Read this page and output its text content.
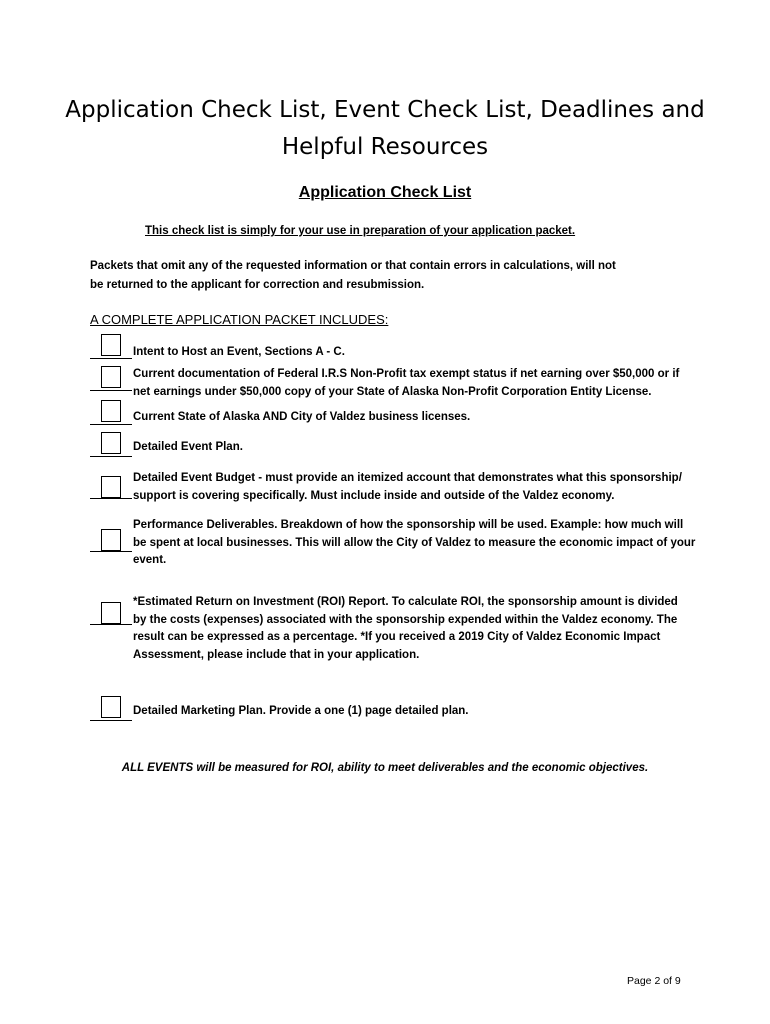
Application Check List, Event Check List, Deadlines and
Helpful Resources
Application Check List
This check list is simply for your use in preparation of your application packet.
Packets that omit any of the requested information or that contain errors in calculations, will not
be returned to the applicant for correction and resubmission.
A COMPLETE APPLICATION PACKET INCLUDES:
Intent to Host an Event, Sections A - C.
Current documentation of Federal I.R.S Non-Profit tax exempt status if net earning over $50,000 or if
net earnings under $50,000 copy of your State of Alaska Non-Profit Corporation Entity License.
Current State of Alaska AND City of Valdez business licenses.
Detailed Event Plan.
Detailed Event Budget - must provide an itemized account that demonstrates what this sponsorship/
support is covering specifically. Must include inside and outside of the Valdez economy.
Performance Deliverables. Breakdown of how the sponsorship will be used. Example: how much will
be spent at local businesses. This will allow the City of Valdez to measure the economic impact of your
event.
*Estimated Return on Investment (ROI) Report. To calculate ROI, the sponsorship amount is divided
by the costs (expenses) associated with the sponsorship expended within the Valdez economy. The
result can be expressed as a percentage. *If you received a 2019 City of Valdez Economic Impact
Assessment, please include that in your application.
Detailed Marketing Plan. Provide a one (1) page detailed plan.
ALL EVENTS will be measured for ROI, ability to meet deliverables and the economic objectives.
Page 2 of 9
